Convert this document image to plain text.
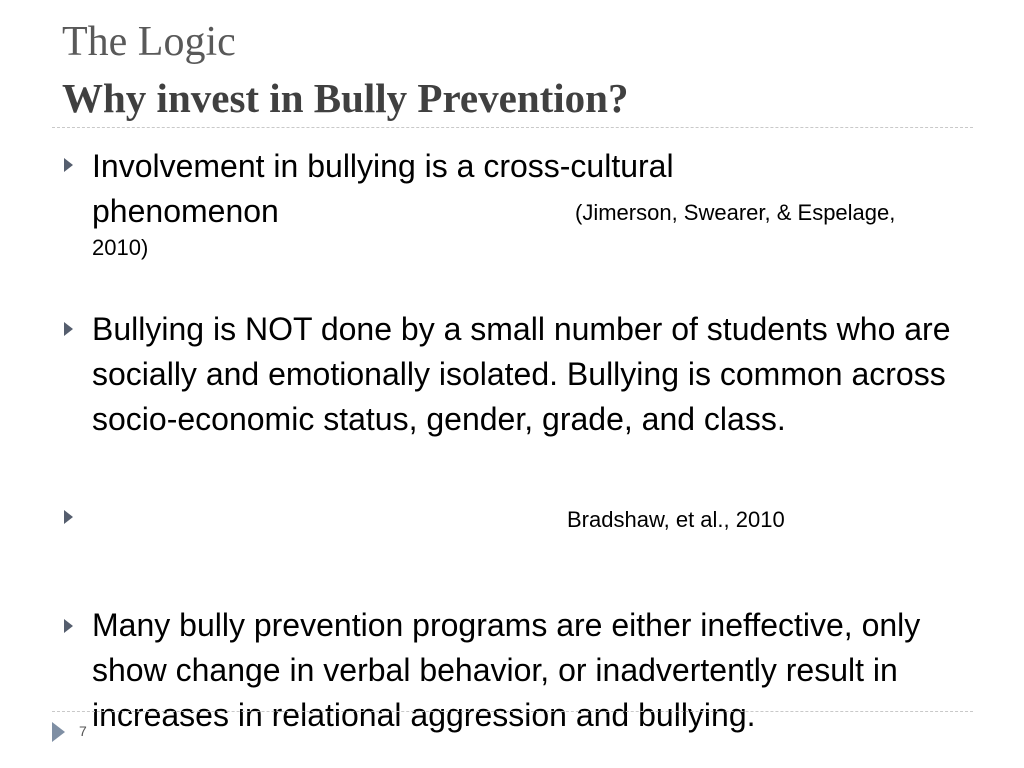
The Logic
Why invest in Bully Prevention?
Involvement in bullying is a cross-cultural
phenomenon	(Jimerson, Swearer, & Espelage,
2010)
Bullying is NOT done by a small number of students who are socially and emotionally isolated. Bullying is common across socio-economic status, gender, grade, and class.
Bradshaw, et al., 2010
Many bully prevention programs are either ineffective, only show change in verbal behavior, or inadvertently result in increases in relational aggression and bullying.
7
